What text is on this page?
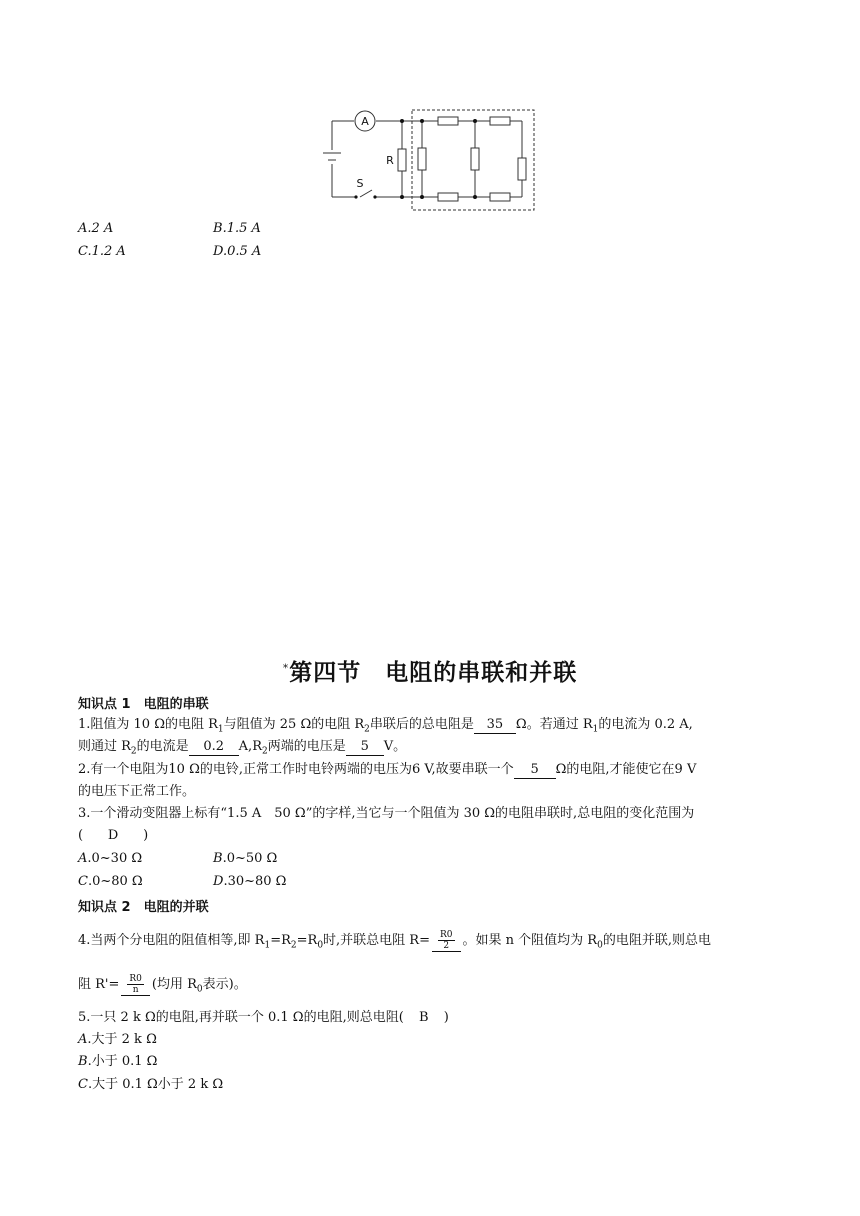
A
R
S
A.2 A	B.1.5 A
C.1.2 A	D.0.5 A
*第四节　电阻的串联和并联
知识点 1　电阻的串联
1.阻值为 10 Ω的电阻 $R_1$与阻值为 25 Ω的电阻 $R_2$串联后的总电阻是 35 Ω。若通过 $R_1$的电流为 0.2 A,
则通过 $R_2$的电流是 0.2 $A,R_2$两端的电压是 5 V。
2.有一个电阻为10 Ω的电铃,正常工作时电铃两端的电压为6 V,故要串联一个 5 Ω的电阻,才能使它在9 V
的电压下正常工作。
3.一个滑动变阻器上标有“1.5 A　50 Ω”的字样,当它与一个阻值为 30 Ω的电阻串联时,总电阻的变化范围为
( D )
A.0~30 Ω	B.0~50 Ω
C.0~80 Ω	D.30~80 Ω
知识点 2　电阻的并联
4.当两个分电阻的阻值相等,即 $R_1=R_2=R_0$时,并联总电阻 $R= \frac{R0}{2}$ 。如果 n 个阻值均为 $R_0$的电阻并联,则总电
阻 $R'= \frac{R0}{n}$ (均用 $R_0$表示)。
5.一只 2 k Ω的电阻,再并联一个 0.1 Ω的电阻,则总电阻( B )
A.大于 2 k Ω
B.小于 0.1 Ω
C.大于 0.1 Ω小于 2 k Ω
